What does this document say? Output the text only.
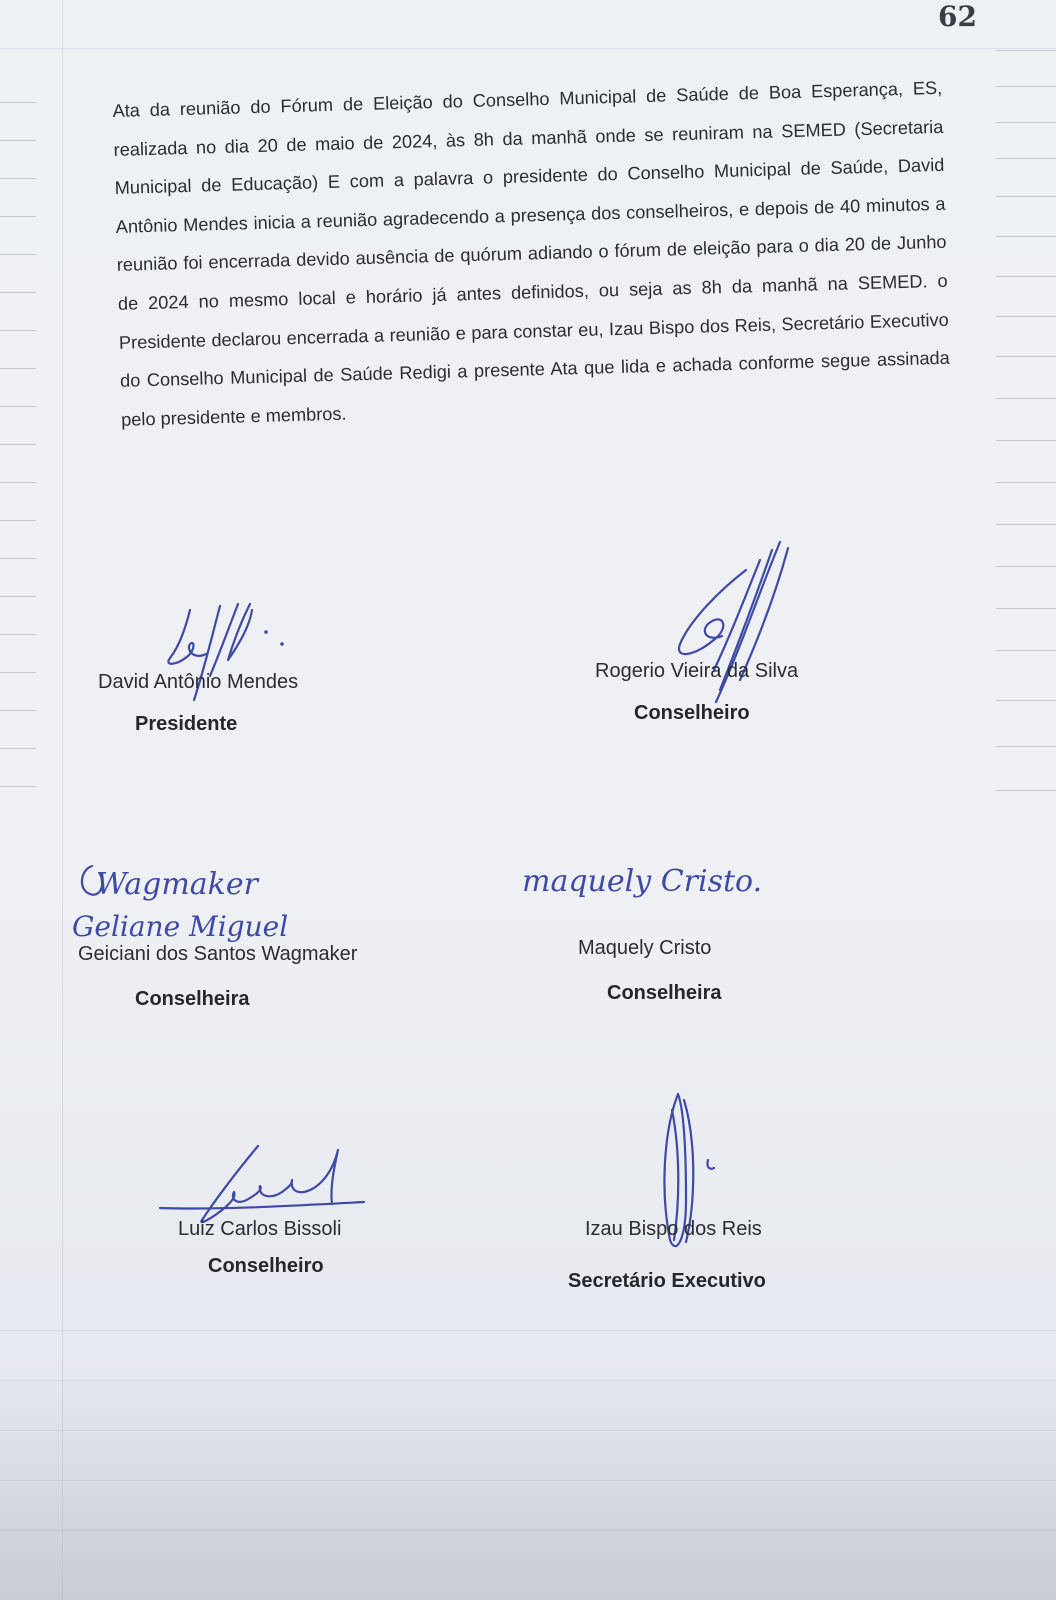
62
Ata da reunião do Fórum de Eleição do Conselho Municipal de Saúde de Boa Esperança, ES, realizada no dia 20 de maio de 2024, às 8h da manhã onde se reuniram na SEMED (Secretaria Municipal de Educação) E com a palavra o presidente do Conselho Municipal de Saúde, David Antônio Mendes inicia a reunião agradecendo a presença dos conselheiros, e depois de 40 minutos a reunião foi encerrada devido ausência de quórum adiando o fórum de eleição para o dia 20 de Junho de 2024 no mesmo local e horário já antes definidos, ou seja as 8h da manhã na SEMED. o Presidente declarou encerrada a reunião e para constar eu, Izau Bispo dos Reis, Secretário Executivo do Conselho Municipal de Saúde Redigi a presente Ata que lida e achada conforme segue assinada pelo presidente e membros.
David Antônio Mendes
Presidente
Rogerio Vieira da Silva
Conselheiro
Wagmaker
Geliane Miguel
Geiciani dos Santos Wagmaker
Conselheira
maquely Cristo.
Maquely Cristo
Conselheira
Luiz Carlos Bissoli
Conselheiro
Izau Bispo dos Reis
Secretário Executivo
